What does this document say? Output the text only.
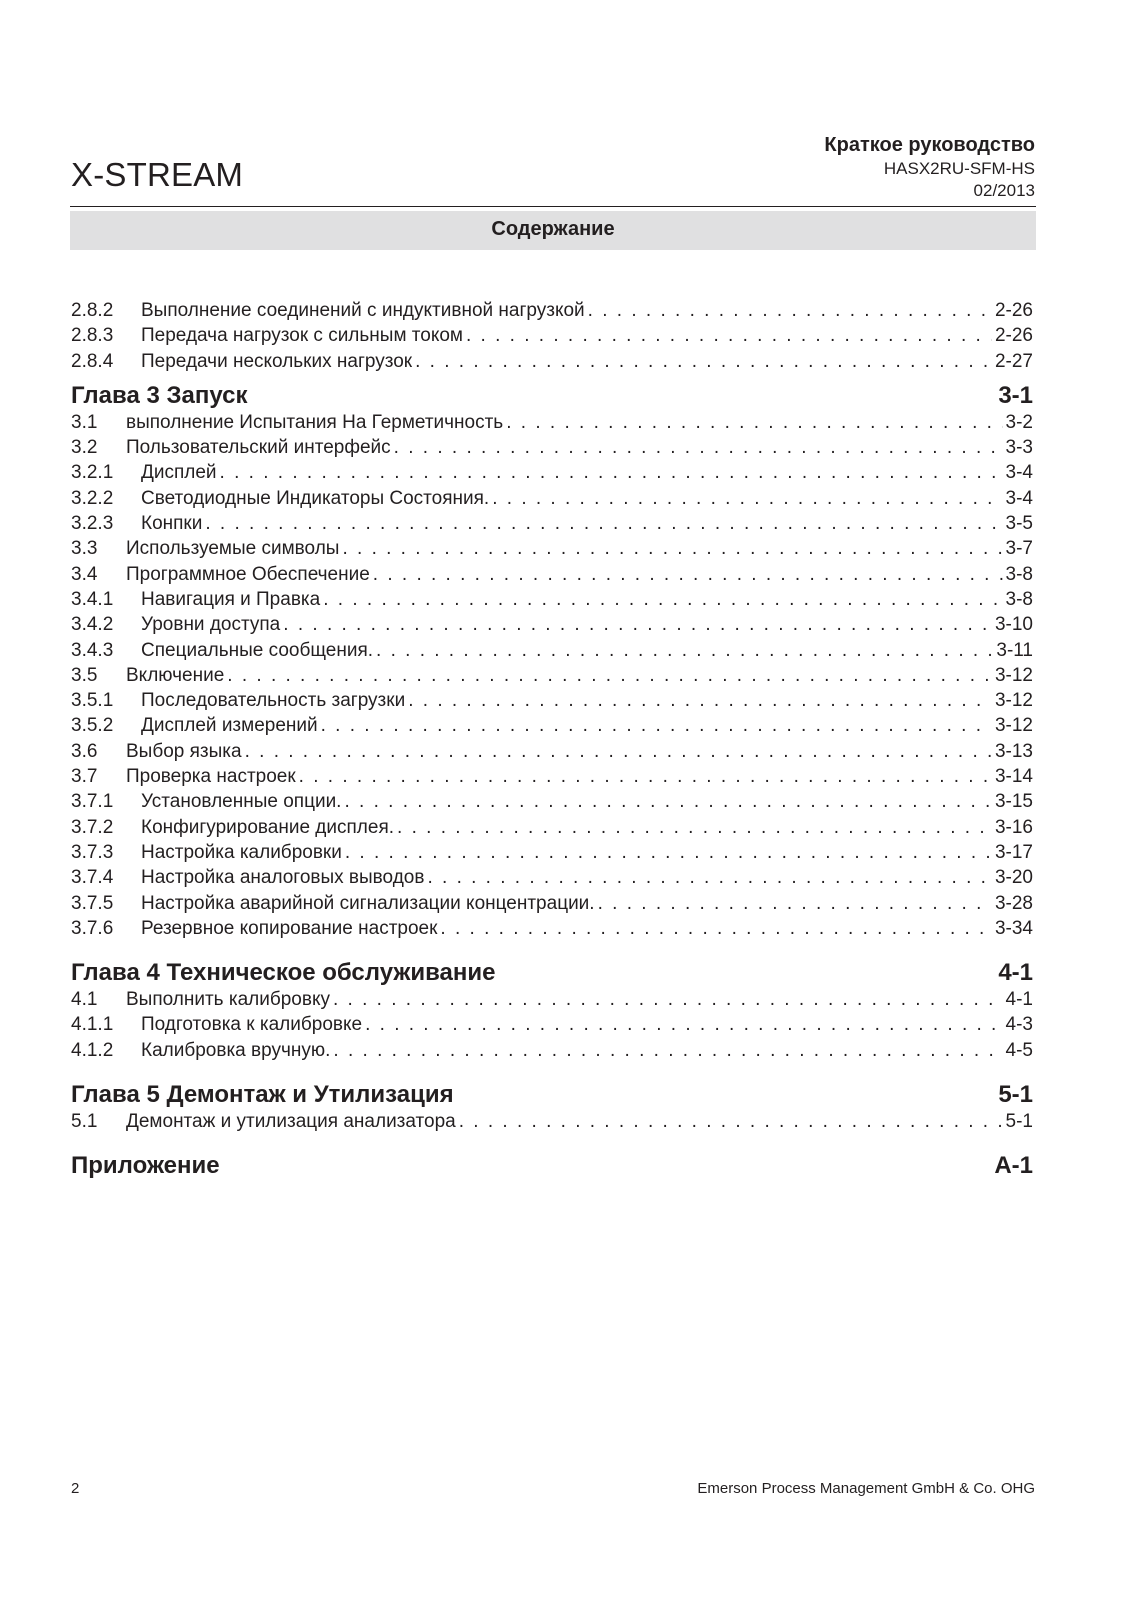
X-STREAM
Краткое руководство
HASX2RU-SFM-HS
02/2013
Содержание
2.8.2	Выполнение соединений с индуктивной нагрузкой . . .	2-26
2.8.3	Передача нагрузок с сильным током . . .	2-26
2.8.4	Передачи нескольких нагрузок . . .	2-27
Глава 3 Запуск	3-1
3.1	выполнение Испытания На Герметичность . . .	3-2
3.2	Пользовательский интерфейс . . .	3-3
3.2.1	Дисплей . . .	3-4
3.2.2	Светодиодные Индикаторы Состояния. . . .	3-4
3.2.3	Конпки . . .	3-5
3.3	Используемые символы . . .	3-7
3.4	Программное Обеспечение . . .	3-8
3.4.1	Навигация и Правка . . .	3-8
3.4.2	Уровни доступа . . .	3-10
3.4.3	Специальные сообщения. . . .	3-11
3.5	Включение . . .	3-12
3.5.1	Последовательность загрузки . . .	3-12
3.5.2	Дисплей измерений . . .	3-12
3.6	Выбор языка . . .	3-13
3.7	Проверка настроек . . .	3-14
3.7.1	Установленные опции. . . .	3-15
3.7.2	Конфигурирование дисплея. . . .	3-16
3.7.3	Настройка калибровки . . .	3-17
3.7.4	Настройка аналоговых выводов . . .	3-20
3.7.5	Настройка аварийной сигнализации концентрации. . . .	3-28
3.7.6	Резервное копирование настроек . . .	3-34
Глава 4 Техническое обслуживание	4-1
4.1	Выполнить калибровку . . .	4-1
4.1.1	Подготовка к калибровке . . .	4-3
4.1.2	Калибровка вручную. . . .	4-5
Глава 5 Демонтаж и Утилизация	5-1
5.1	Демонтаж и утилизация анализатора . . .	5-1
Приложение	A-1
2	Emerson Process Management GmbH & Co. OHG
